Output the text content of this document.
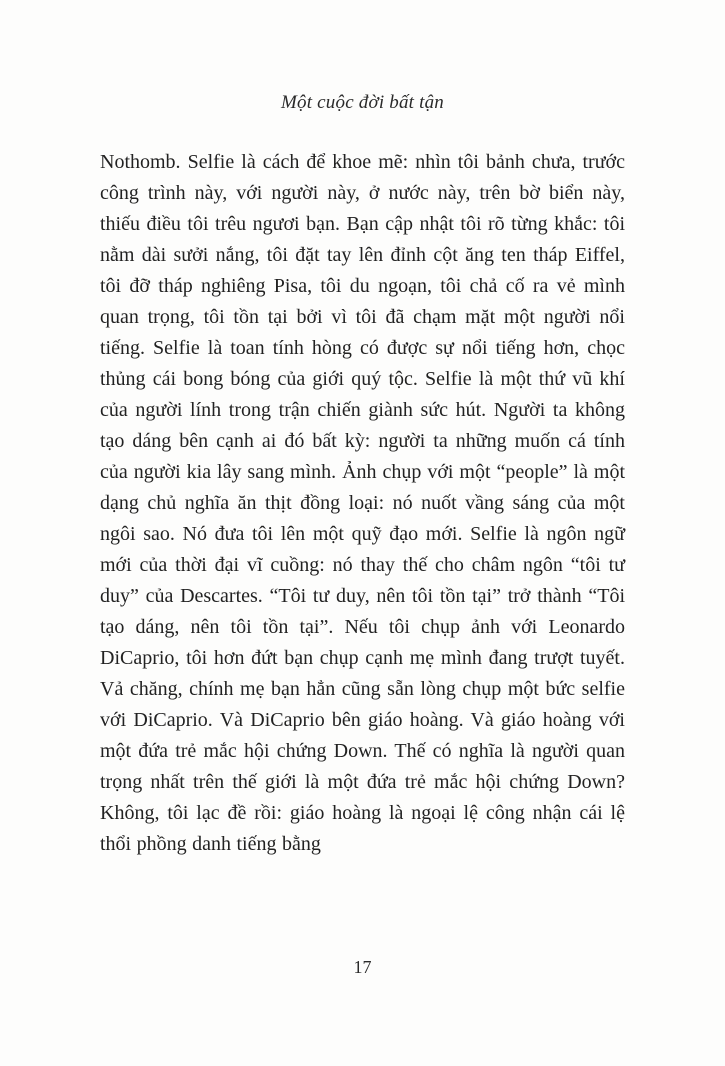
Một cuộc đời bất tận

Nothomb. Selfie là cách để khoe mẽ: nhìn tôi bảnh chưa, trước công trình này, với người này, ở nước này, trên bờ biển này, thiếu điều tôi trêu ngươi bạn. Bạn cập nhật tôi rõ từng khắc: tôi nằm dài sưởi nắng, tôi đặt tay lên đỉnh cột ăng ten tháp Eiffel, tôi đỡ tháp nghiêng Pisa, tôi du ngoạn, tôi chả cố ra vẻ mình quan trọng, tôi tồn tại bởi vì tôi đã chạm mặt một người nổi tiếng. Selfie là toan tính hòng có được sự nổi tiếng hơn, chọc thủng cái bong bóng của giới quý tộc. Selfie là một thứ vũ khí của người lính trong trận chiến giành sức hút. Người ta không tạo dáng bên cạnh ai đó bất kỳ: người ta những muốn cá tính của người kia lây sang mình. Ảnh chụp với một “people” là một dạng chủ nghĩa ăn thịt đồng loại: nó nuốt vầng sáng của một ngôi sao. Nó đưa tôi lên một quỹ đạo mới. Selfie là ngôn ngữ mới của thời đại vĩ cuồng: nó thay thế cho châm ngôn “tôi tư duy” của Descartes. “Tôi tư duy, nên tôi tồn tại” trở thành “Tôi tạo dáng, nên tôi tồn tại”. Nếu tôi chụp ảnh với Leonardo DiCaprio, tôi hơn đứt bạn chụp cạnh mẹ mình đang trượt tuyết. Vả chăng, chính mẹ bạn hẳn cũng sẵn lòng chụp một bức selfie với DiCaprio. Và DiCaprio bên giáo hoàng. Và giáo hoàng với một đứa trẻ mắc hội chứng Down. Thế có nghĩa là người quan trọng nhất trên thế giới là một đứa trẻ mắc hội chứng Down? Không, tôi lạc đề rồi: giáo hoàng là ngoại lệ công nhận cái lệ thổi phồng danh tiếng bằng

17
